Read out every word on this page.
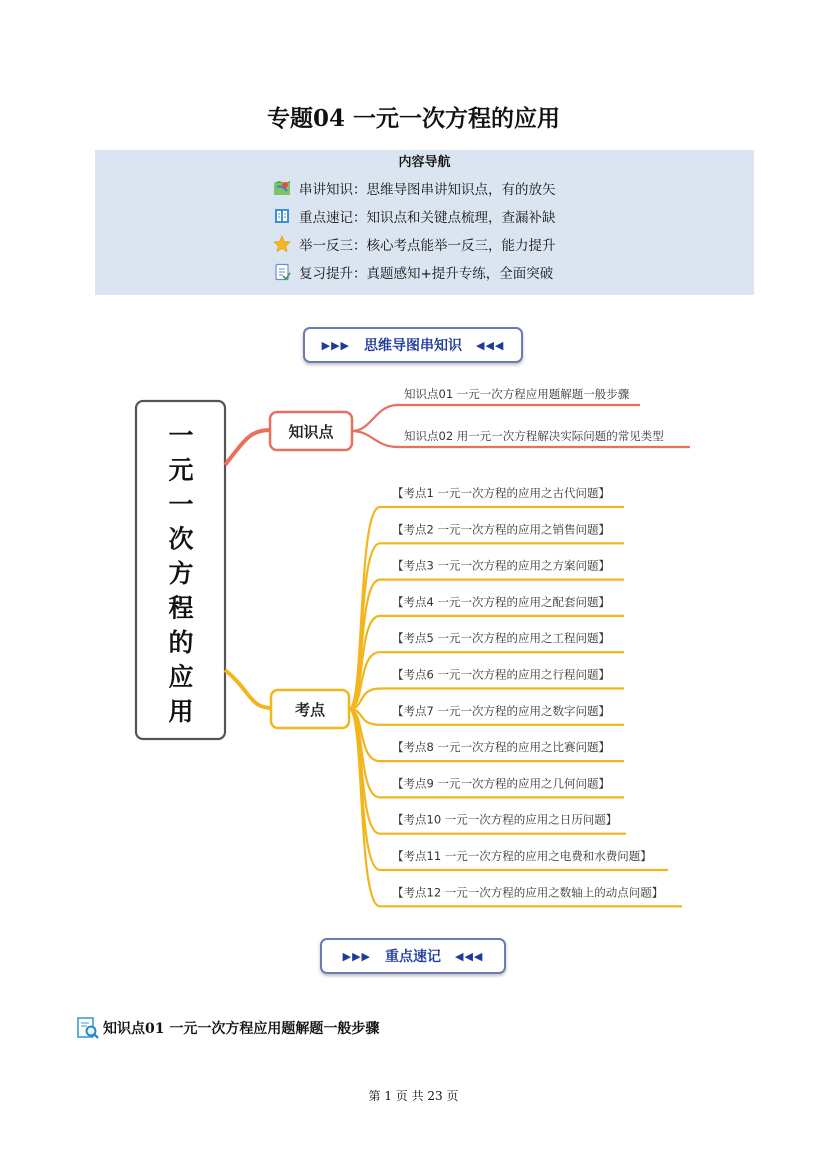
专题04 一元一次方程的应用
内容导航
串讲知识：思维导图串讲知识点，有的放矢
重点速记：知识点和关键点梳理，查漏补缺
举一反三：核心考点能举一反三，能力提升
复习提升：真题感知+提升专练，全面突破
▶▶▶ 思维导图串知识 ◀◀◀
一
元
一
次
方
程
的
应
用
知识点
考点
知识点01 一元一次方程应用题解题一般步骤
知识点02 用一元一次方程解决实际问题的常见类型
【考点1 一元一次方程的应用之古代问题】
【考点2 一元一次方程的应用之销售问题】
【考点3 一元一次方程的应用之方案问题】
【考点4 一元一次方程的应用之配套问题】
【考点5 一元一次方程的应用之工程问题】
【考点6 一元一次方程的应用之行程问题】
【考点7 一元一次方程的应用之数字问题】
【考点8 一元一次方程的应用之比赛问题】
【考点9 一元一次方程的应用之几何问题】
【考点10 一元一次方程的应用之日历问题】
【考点11 一元一次方程的应用之电费和水费问题】
【考点12 一元一次方程的应用之数轴上的动点问题】
▶▶▶ 重点速记 ◀◀◀
知识点01 一元一次方程应用题解题一般步骤
第 1 页 共 23 页
